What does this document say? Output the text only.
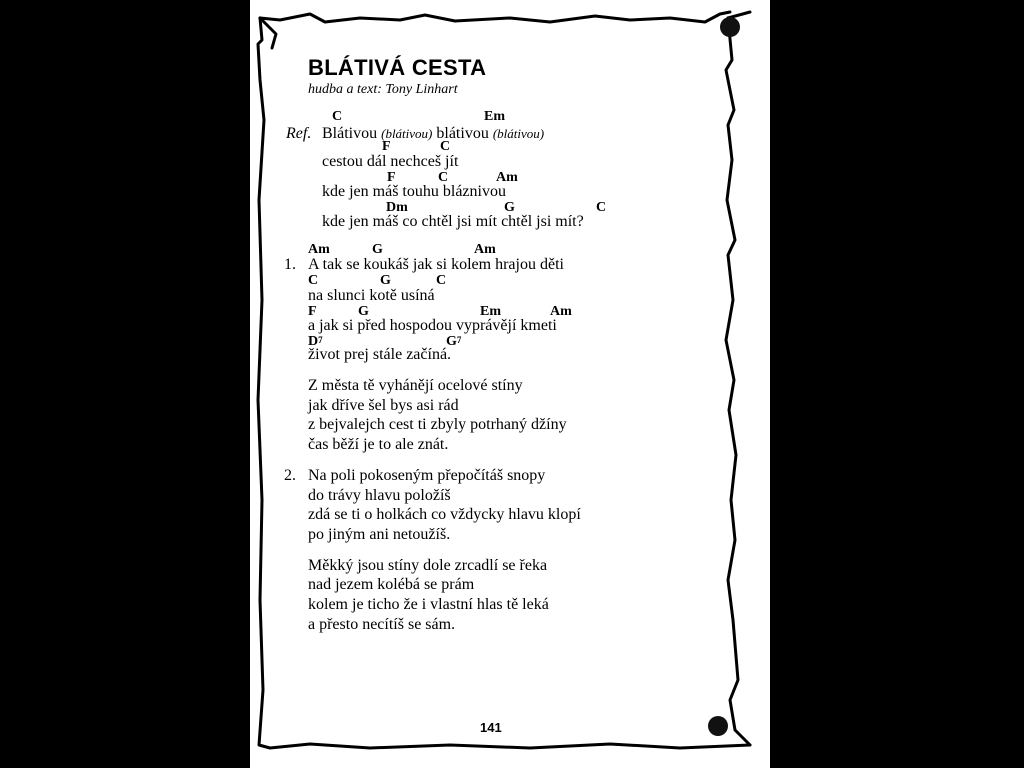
BLÁTIVÁ CESTA
hudba a text: Tony Linhart
Ref.
C	Em
Blátivou (blátivou) blátivou (blátivou)
F	C
cestou dál nechceš jít
F	C	Am
kde jen máš touhu bláznivou
Dm	G	C
kde jen máš co chtěl jsi mít chtěl jsi mít?
Am	G	Am
1. A tak se koukáš jak si kolem hrajou děti
C	G	C
na slunci kotě usíná
F	G	Em	Am
a jak si před hospodou vyprávějí kmeti
$D^7$	$G^7$
život prej stále začíná.
Z města tě vyhánějí ocelové stíny
jak dříve šel bys asi rád
z bejvalejch cest ti zbyly potrhaný džíny
čas běží je to ale znát.
2. Na poli pokoseným přepočítáš snopy
do trávy hlavu položíš
zdá se ti o holkách co vždycky hlavu klopí
po jiným ani netoužíš.
Měkký jsou stíny dole zrcadlí se řeka
nad jezem kolébá se prám
kolem je ticho že i vlastní hlas tě leká
a přesto necítíš se sám.
141
